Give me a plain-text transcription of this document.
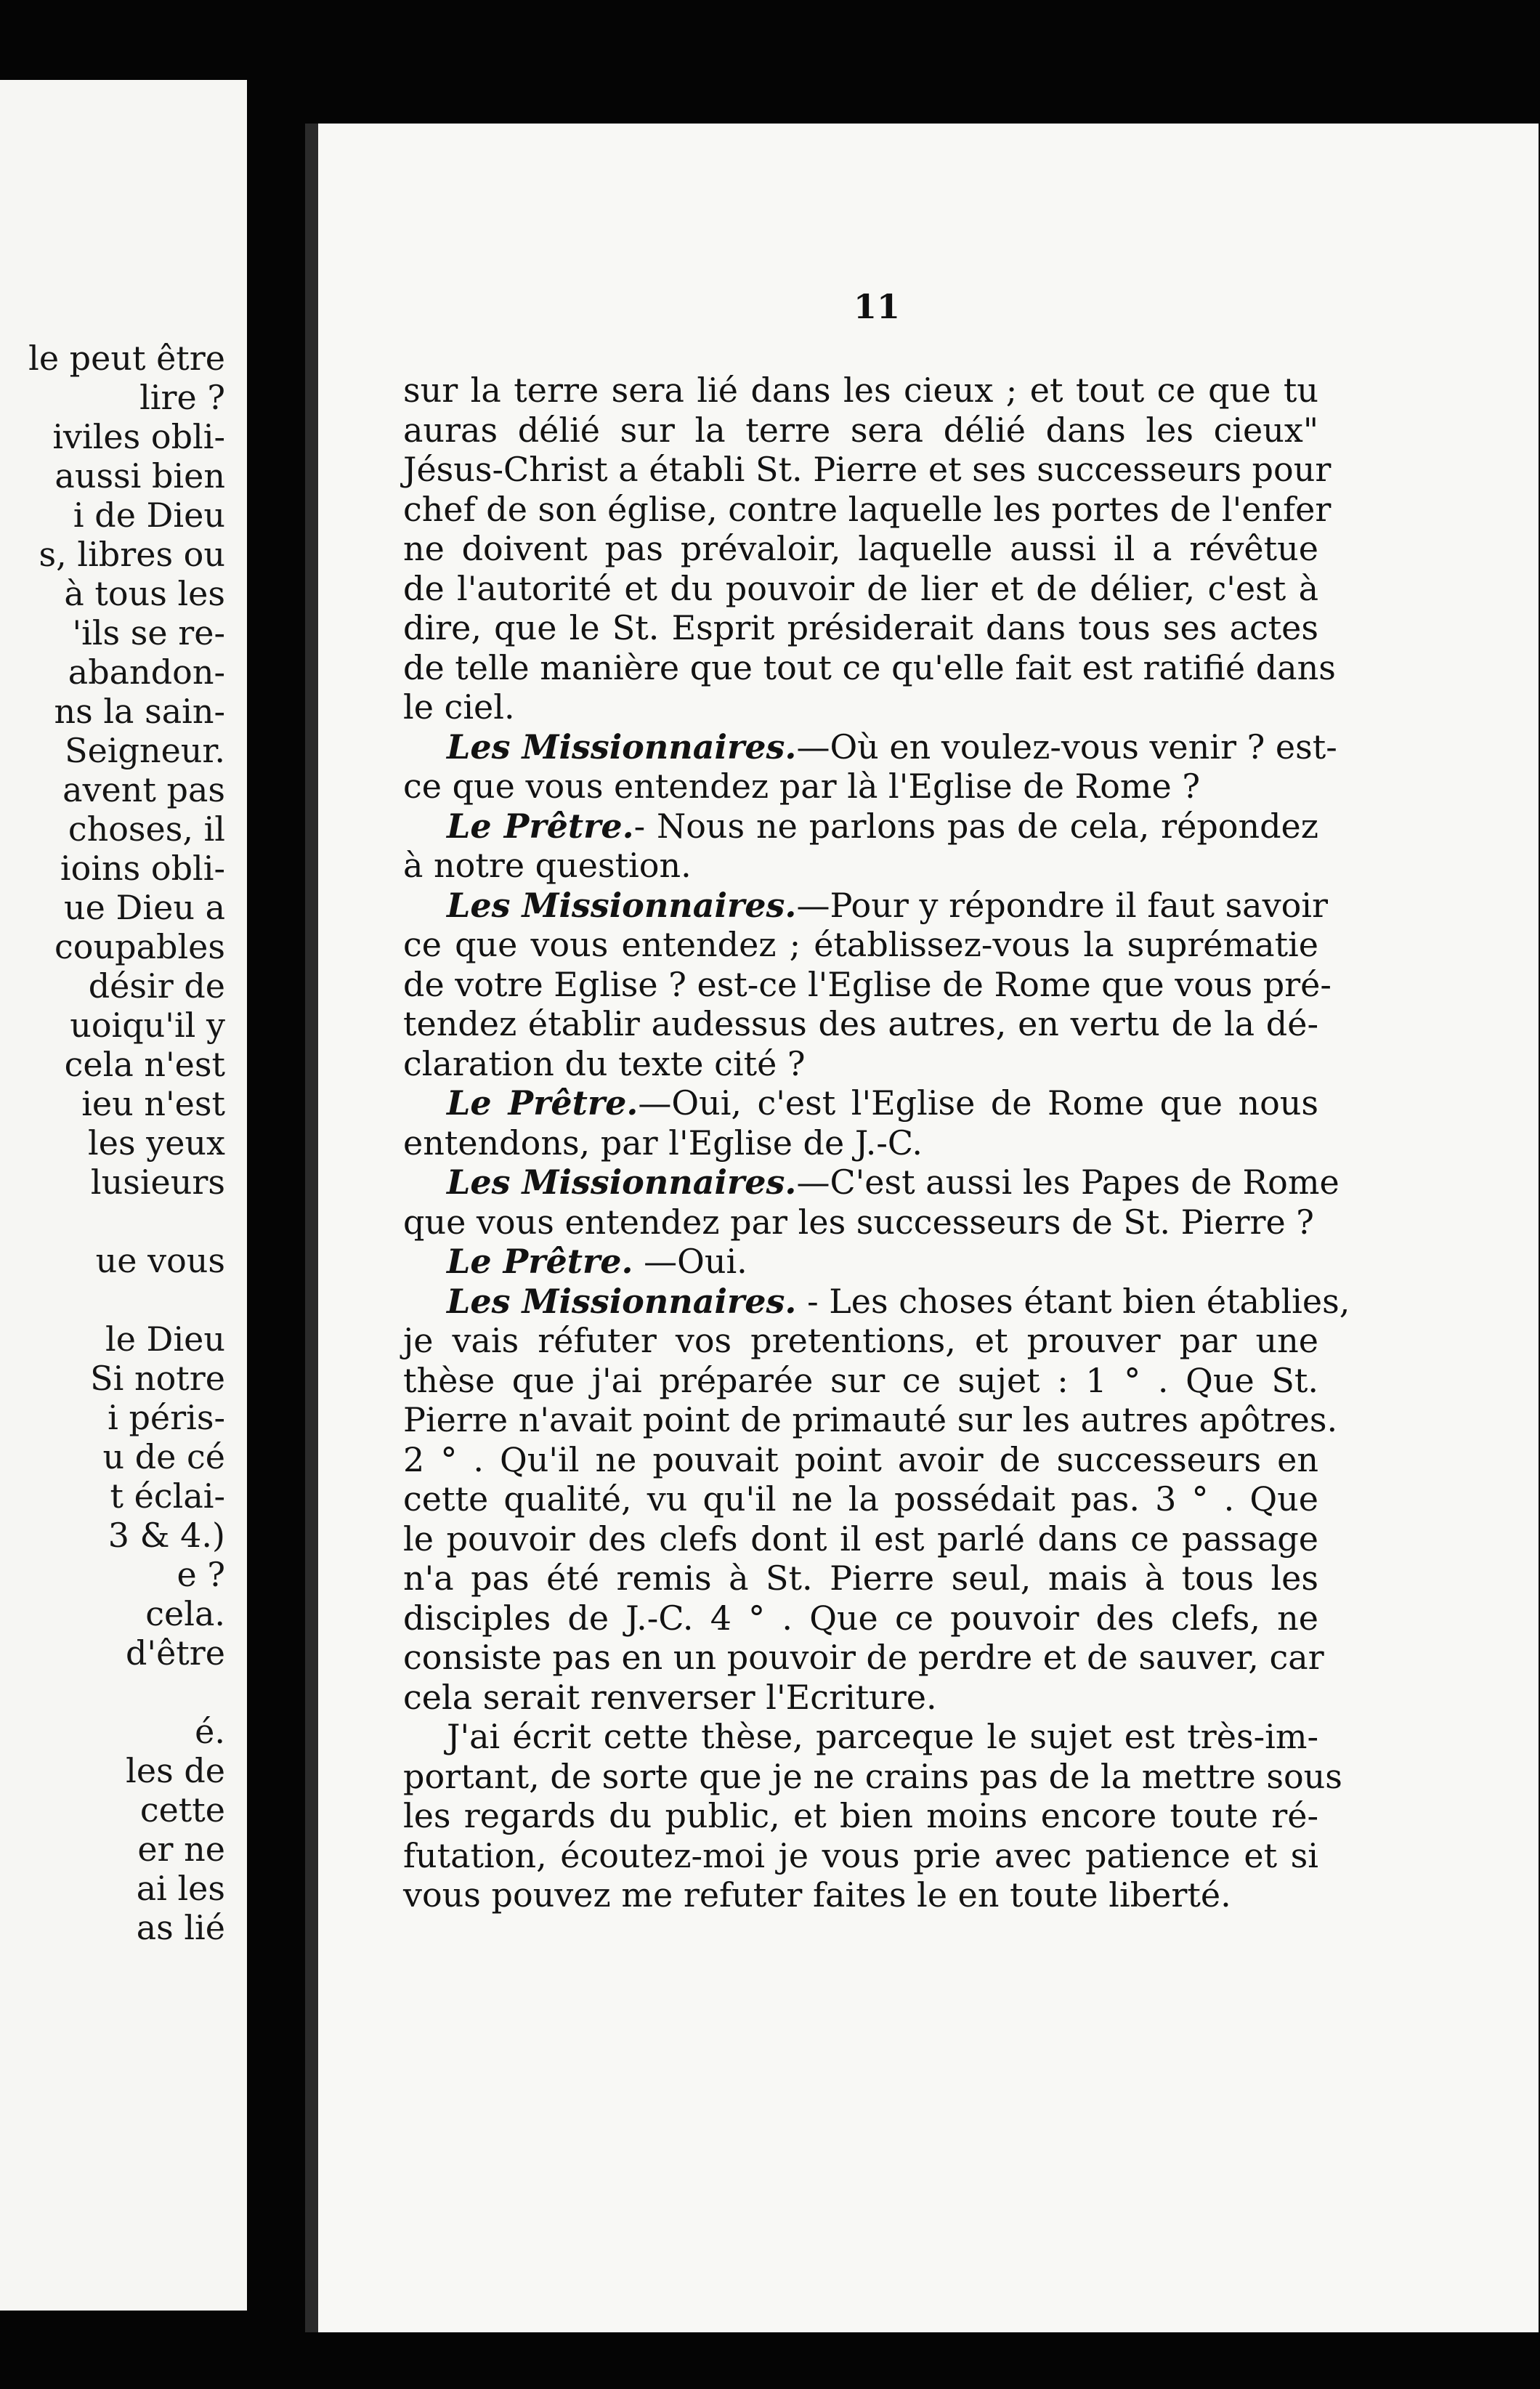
le peut être
lire ?
iviles obli-
aussi bien
i de Dieu
s, libres ou
à tous les
'ils se re-
abandon-
ns la sain-
Seigneur.
avent pas
choses, il
ioins obli-
ue Dieu a
coupables
désir de
uoiqu'il y
cela n'est
ieu n'est
les yeux
lusieurs
ue vous
le Dieu
Si notre
i péris-
u de cé
t éclai-
3 & 4.)
e ?
cela.
d'être
é.
les de
cette
er ne
ai les
as lié
11
sur la terre sera lié dans les cieux ; et tout ce que tu
auras délié sur la terre sera délié dans les cieux"
Jésus-Christ a établi St. Pierre et ses successeurs pour
chef de son église, contre laquelle les portes de l'enfer
ne doivent pas prévaloir, laquelle aussi il a révêtue
de l'autorité et du pouvoir de lier et de délier, c'est à
dire, que le St. Esprit présiderait dans tous ses actes
de telle manière que tout ce qu'elle fait est ratifié dans
le ciel.
Les Missionnaires.—Où en voulez-vous venir ? est-
ce que vous entendez par là l'Eglise de Rome ?
Le Prêtre.- Nous ne parlons pas de cela, répondez
à notre question.
Les Missionnaires.—Pour y répondre il faut savoir
ce que vous entendez ; établissez-vous la suprématie
de votre Eglise ? est-ce l'Eglise de Rome que vous pré-
tendez établir audessus des autres, en vertu de la dé-
claration du texte cité ?
Le Prêtre.—Oui, c'est l'Eglise de Rome que nous
entendons, par l'Eglise de J.-C.
Les Missionnaires.—C'est aussi les Papes de Rome
que vous entendez par les successeurs de St. Pierre ?
Le Prêtre. —Oui.
Les Missionnaires. - Les choses étant bien établies,
je vais réfuter vos pretentions, et prouver par une
thèse que j'ai préparée sur ce sujet : 1 ° . Que St.
Pierre n'avait point de primauté sur les autres apôtres.
2 ° . Qu'il ne pouvait point avoir de successeurs en
cette qualité, vu qu'il ne la possédait pas. 3 ° . Que
le pouvoir des clefs dont il est parlé dans ce passage
n'a pas été remis à St. Pierre seul, mais à tous les
disciples de J.-C. 4 ° . Que ce pouvoir des clefs, ne
consiste pas en un pouvoir de perdre et de sauver, car
cela serait renverser l'Ecriture.
J'ai écrit cette thèse, parceque le sujet est très-im-
portant, de sorte que je ne crains pas de la mettre sous
les regards du public, et bien moins encore toute ré-
futation, écoutez-moi je vous prie avec patience et si
vous pouvez me refuter faites le en toute liberté.
